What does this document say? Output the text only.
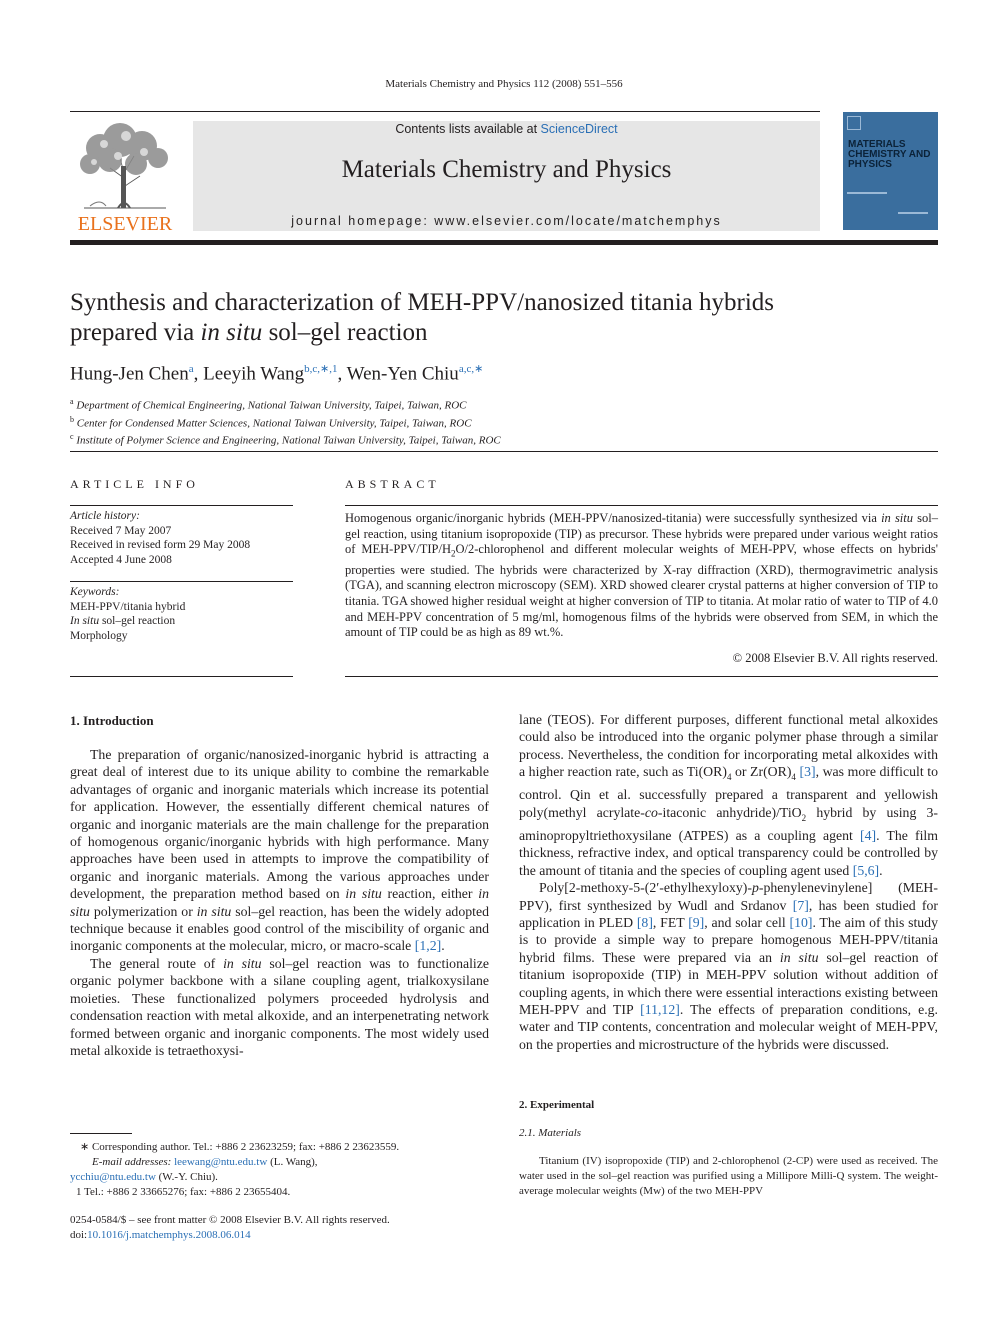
Materials Chemistry and Physics 112 (2008) 551–556
ELSEVIER
Contents lists available at ScienceDirect
Materials Chemistry and Physics
journal homepage: www.elsevier.com/locate/matchemphys
MATERIALS
CHEMISTRY AND
PHYSICS
Synthesis and characterization of MEH-PPV/nanosized titania hybrids
prepared via in situ sol–gel reaction
Hung-Jen Chen$^a$, Leeyih Wang$^{b,c,∗,1}$, Wen-Yen Chiu$^{a,c,∗}$
$^a$ Department of Chemical Engineering, National Taiwan University, Taipei, Taiwan, ROC
$^b$ Center for Condensed Matter Sciences, National Taiwan University, Taipei, Taiwan, ROC
$^c$ Institute of Polymer Science and Engineering, National Taiwan University, Taipei, Taiwan, ROC
ARTICLE INFO
Article history:
Received 7 May 2007
Received in revised form 29 May 2008
Accepted 4 June 2008
Keywords:
MEH-PPV/titania hybrid
In situ sol–gel reaction
Morphology
ABSTRACT
Homogenous organic/inorganic hybrids (MEH-PPV/nanosized-titania) were successfully synthesized via in situ sol–gel reaction, using titanium isopropoxide (TIP) as precursor. These hybrids were prepared under various weight ratios of MEH-$PPV/TIP/H_2O/2$-chlorophenol and different molecular weights of MEH-PPV, whose effects on hybrids' properties were studied. The hybrids were characterized by X-ray diffraction (XRD), thermogravimetric analysis (TGA), and scanning electron microscopy (SEM). XRD showed clearer crystal patterns at higher conversion of TIP to titania. TGA showed higher residual weight at higher conversion of TIP to titania. At molar ratio of water to TIP of 4.0 and MEH-PPV concentration of 5 mg/ml, homogenous films of the hybrids were observed from SEM, in which the amount of TIP could be as high as 89 wt.%.
© 2008 Elsevier B.V. All rights reserved.
1. Introduction

The preparation of organic/nanosized-inorganic hybrid is attracting a great deal of interest due to its unique ability to combine the remarkable advantages of organic and inorganic materials which increase its potential for application. However, the essentially different chemical natures of organic and inorganic materials are the main challenge for the preparation of homogenous organic/inorganic hybrids with high performance. Many approaches have been used in attempts to improve the compatibility of organic and inorganic materials. Among the various approaches under development, the preparation method based on in situ reaction, either in situ polymerization or in situ sol–gel reaction, has been the widely adopted technique because it enables good control of the miscibility of organic and inorganic components at the molecular, micro, or macro-scale [1,2].

The general route of in situ sol–gel reaction was to functionalize organic polymer backbone with a silane coupling agent, trialkoxysilane moieties. These functionalized polymers proceeded hydrolysis and condensation reaction with metal alkoxide, and an interpenetrating network formed between organic and inorganic components. The most widely used metal alkoxide is tetraethoxysi-

lane (TEOS). For different purposes, different functional metal alkoxides could also be introduced into the organic polymer phase through a similar process. Nevertheless, the condition for incorporating metal alkoxides with a higher reaction rate, such as $Ti(OR)_4$ or $Zr(OR)_4$ [3], was more difficult to control. Qin et al. successfully prepared a transparent and yellowish poly(methyl acrylate-co-itaconic anhydride)/TiO$_2$ hybrid by using 3-aminopropyltriethoxysilane (ATPES) as a coupling agent [4]. The film thickness, refractive index, and optical transparency could be controlled by the amount of titania and the species of coupling agent used [5,6].

Poly[2-methoxy-5-(2′-ethylhexyloxy)-p-phenylenevinylene] (MEH-PPV), first synthesized by Wudl and Srdanov [7], has been studied for application in PLED [8], FET [9], and solar cell [10]. The aim of this study is to provide a simple way to prepare homogenous MEH-PPV/titania hybrid films. These were prepared via an in situ sol–gel reaction of titanium isopropoxide (TIP) in MEH-PPV solution without addition of coupling agents, in which there were essential interactions existing between MEH-PPV and TIP [11,12]. The effects of preparation conditions, e.g. water and TIP contents, concentration and molecular weight of MEH-PPV, on the properties and microstructure of the hybrids were discussed.

2. Experimental
2.1. Materials
Titanium (IV) isopropoxide (TIP) and 2-chlorophenol (2-CP) were used as received. The water used in the sol–gel reaction was purified using a Millipore Milli-Q system. The weight-average molecular weights (Mw) of the two MEH-PPV
∗ Corresponding author. Tel.: +886 2 23623259; fax: +886 2 23623559.
E-mail addresses: leewang@ntu.edu.tw (L. Wang),
ycchiu@ntu.edu.tw (W.-Y. Chiu).
1 Tel.: +886 2 33665276; fax: +886 2 23655404.
0254-0584/$ – see front matter © 2008 Elsevier B.V. All rights reserved.
doi:10.1016/j.matchemphys.2008.06.014
